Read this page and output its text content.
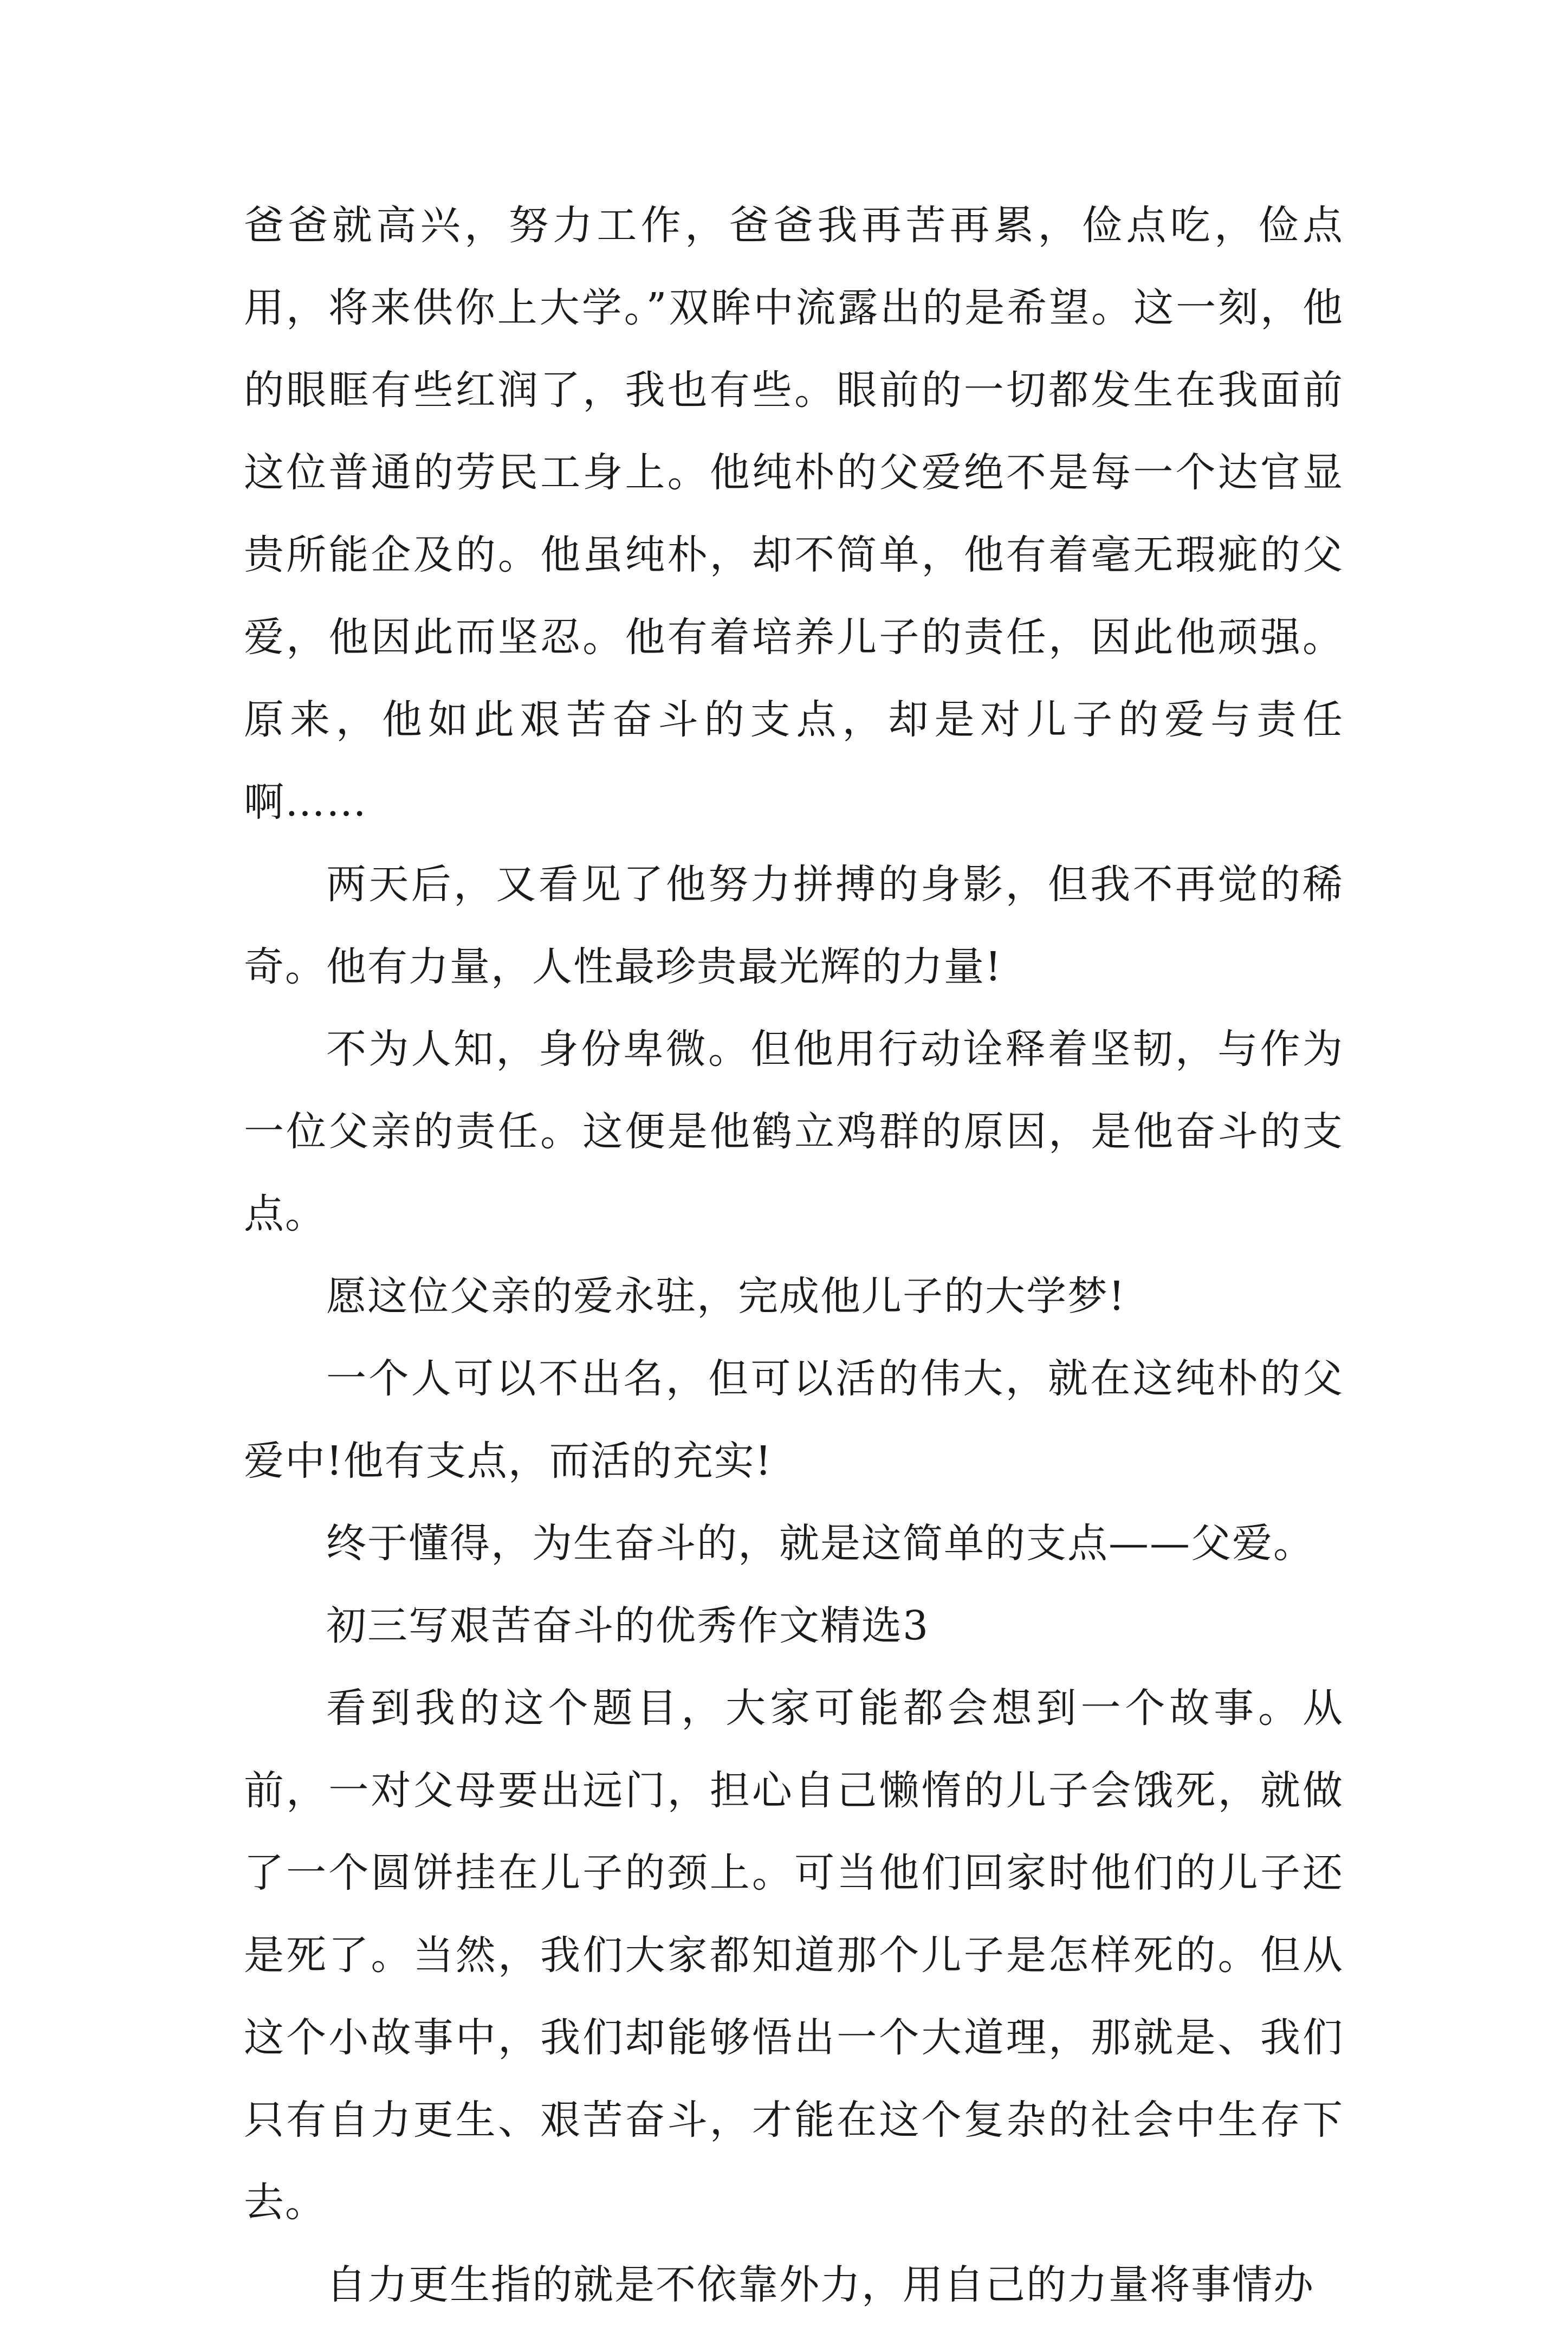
爸爸就高兴，努力工作，爸爸我再苦再累，俭点吃，俭点用，将来供你上大学。”双眸中流露出的是希望。这一刻，他的眼眶有些红润了，我也有些。眼前的一切都发生在我面前这位普通的劳民工身上。他纯朴的父爱绝不是每一个达官显贵所能企及的。他虽纯朴，却不简单，他有着毫无瑕疵的父爱，他因此而坚忍。他有着培养儿子的责任，因此他顽强。原来，他如此艰苦奋斗的支点，却是对儿子的爱与责任啊……

两天后，又看见了他努力拼搏的身影，但我不再觉的稀奇。他有力量，人性最珍贵最光辉的力量!

不为人知，身份卑微。但他用行动诠释着坚韧，与作为一位父亲的责任。这便是他鹤立鸡群的原因，是他奋斗的支点。

愿这位父亲的爱永驻，完成他儿子的大学梦!

一个人可以不出名，但可以活的伟大，就在这纯朴的父爱中!他有支点，而活的充实!

终于懂得，为生奋斗的，就是这简单的支点——父爱。

初三写艰苦奋斗的优秀作文精选3

看到我的这个题目，大家可能都会想到一个故事。从前，一对父母要出远门，担心自己懒惰的儿子会饿死，就做了一个圆饼挂在儿子的颈上。可当他们回家时他们的儿子还是死了。当然，我们大家都知道那个儿子是怎样死的。但从这个小故事中，我们却能够悟出一个大道理，那就是、我们只有自力更生、艰苦奋斗，才能在这个复杂的社会中生存下去。

自力更生指的就是不依靠外力，用自己的力量将事情办
